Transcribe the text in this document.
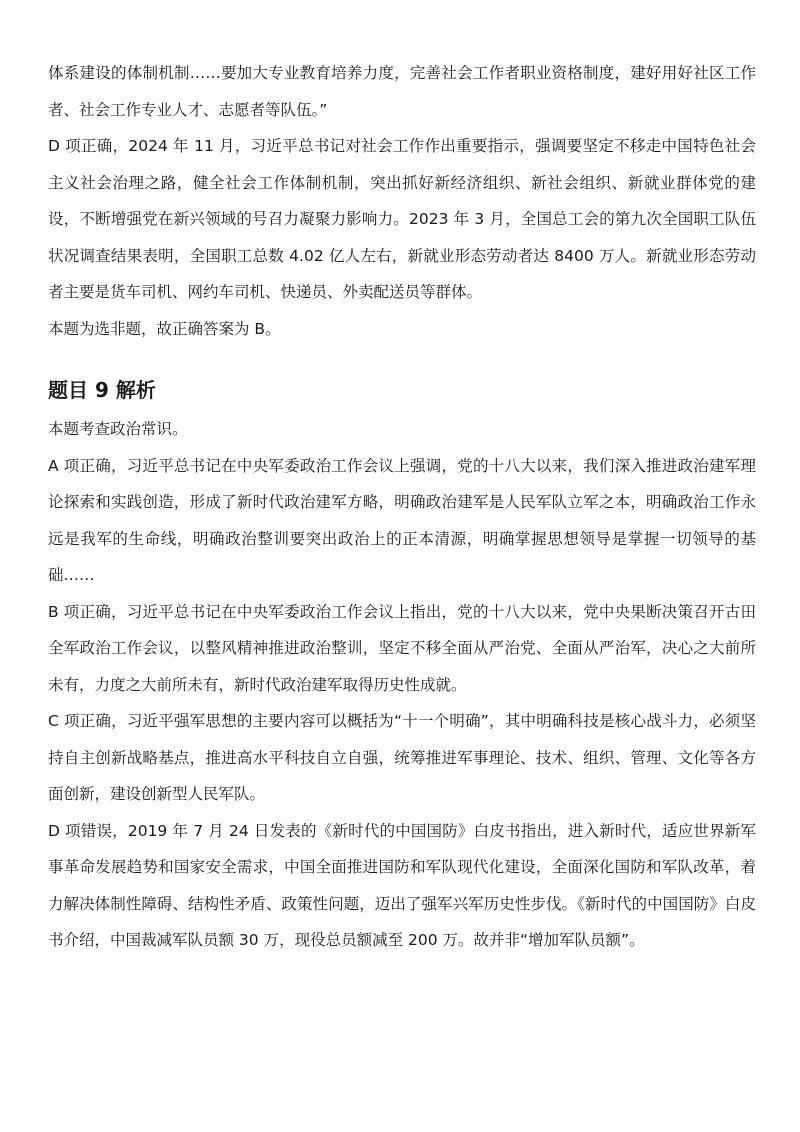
体系建设的体制机制……要加大专业教育培养力度，完善社会工作者职业资格制度，建好用好社区工作者、社会工作专业人才、志愿者等队伍。”

D 项正确，2024 年 11 月，习近平总书记对社会工作作出重要指示，强调要坚定不移走中国特色社会主义社会治理之路，健全社会工作体制机制，突出抓好新经济组织、新社会组织、新就业群体党的建设，不断增强党在新兴领域的号召力凝聚力影响力。2023 年 3 月，全国总工会的第九次全国职工队伍状况调查结果表明，全国职工总数 4.02 亿人左右，新就业形态劳动者达 8400 万人。新就业形态劳动者主要是货车司机、网约车司机、快递员、外卖配送员等群体。

本题为选非题，故正确答案为 B。

题目 9 解析

本题考查政治常识。

A 项正确，习近平总书记在中央军委政治工作会议上强调，党的十八大以来，我们深入推进政治建军理论探索和实践创造，形成了新时代政治建军方略，明确政治建军是人民军队立军之本，明确政治工作永远是我军的生命线，明确政治整训要突出政治上的正本清源，明确掌握思想领导是掌握一切领导的基础……

B 项正确，习近平总书记在中央军委政治工作会议上指出，党的十八大以来，党中央果断决策召开古田全军政治工作会议，以整风精神推进政治整训，坚定不移全面从严治党、全面从严治军，决心之大前所未有，力度之大前所未有，新时代政治建军取得历史性成就。

C 项正确，习近平强军思想的主要内容可以概括为“十一个明确”，其中明确科技是核心战斗力，必须坚持自主创新战略基点，推进高水平科技自立自强，统筹推进军事理论、技术、组织、管理、文化等各方面创新，建设创新型人民军队。

D 项错误，2019 年 7 月 24 日发表的《新时代的中国国防》白皮书指出，进入新时代，适应世界新军事革命发展趋势和国家安全需求，中国全面推进国防和军队现代化建设，全面深化国防和军队改革，着力解决体制性障碍、结构性矛盾、政策性问题，迈出了强军兴军历史性步伐。《新时代的中国国防》白皮书介绍，中国裁减军队员额 30 万，现役总员额减至 200 万。故并非“增加军队员额”。
